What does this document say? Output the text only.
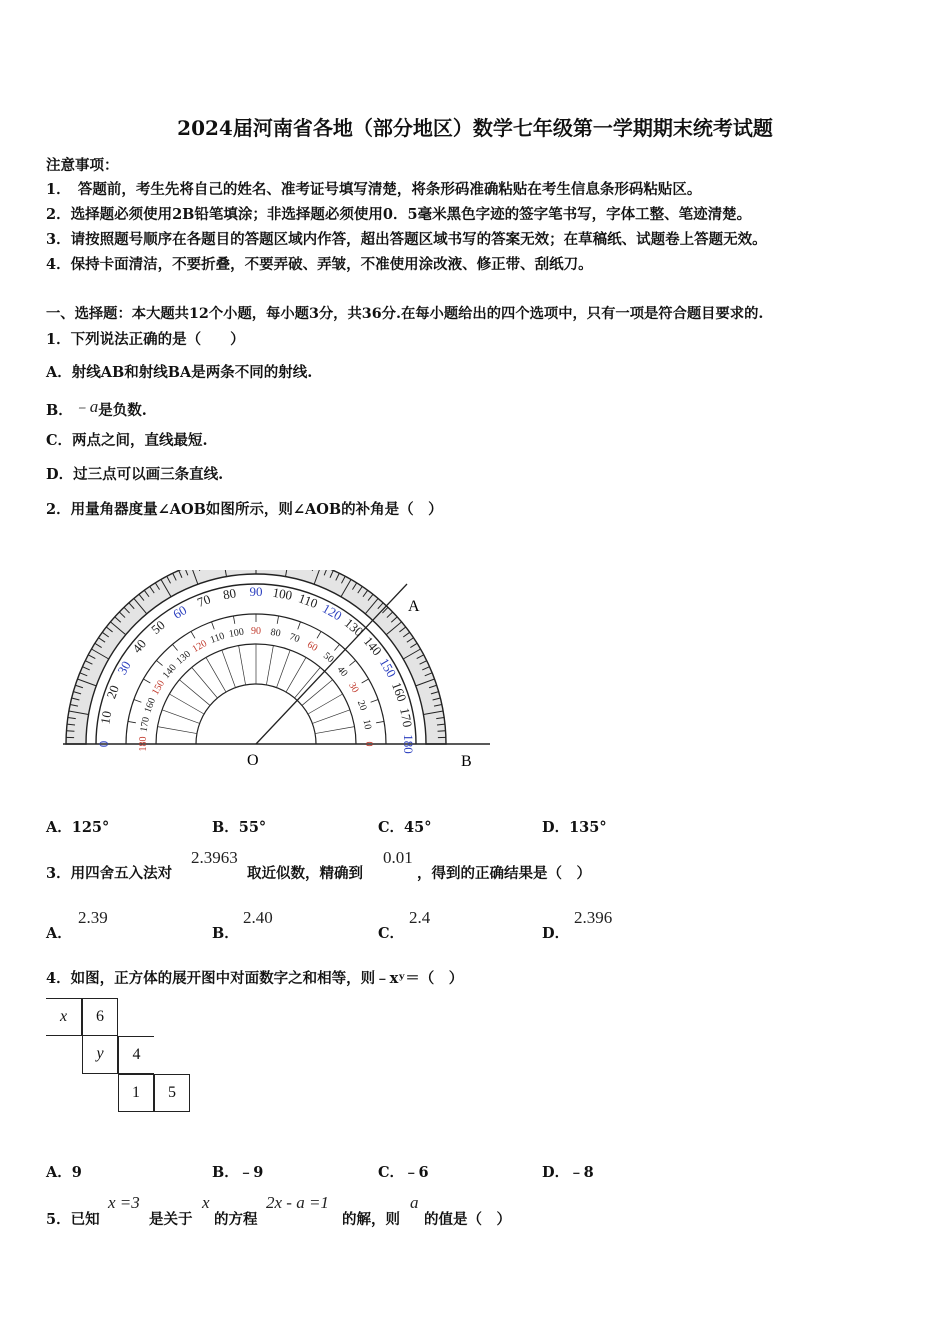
2024届河南省各地（部分地区）数学七年级第一学期期末统考试题
注意事项：
1．　答题前，考生先将自己的姓名、准考证号填写清楚，将条形码准确粘贴在考生信息条形码粘贴区。
2．选择题必须使用2B铅笔填涂；非选择题必须使用0．5毫米黑色字迹的签字笔书写，字体工整、笔迹清楚。
3．请按照题号顺序在各题目的答题区域内作答，超出答题区域书写的答案无效；在草稿纸、试题卷上答题无效。
4．保持卡面清洁，不要折叠，不要弄破、弄皱，不准使用涂改液、修正带、刮纸刀。
一、选择题：本大题共12个小题，每小题3分，共36分.在每小题给出的四个选项中，只有一项是符合题目要求的.
1．下列说法正确的是（　　）
A．射线AB和射线BA是两条不同的射线.
B．﹣a是负数.
C．两点之间，直线最短.
D．过三点可以画三条直线.
2．用量角器度量∠AOB如图所示，则∠AOB的补角是（　）
180
170
160
150
140
130
120
110
100
90
80
70
60
50
40
30
20
10
0	0
10
20
30
40
50
60
70
80
90
100
110
120
130
140
150
160
170
180
A
O	B
A．125°	B．55°	C．45°	D．135°
3．用四舍五入法对
2.3963
取近似数，精确到
0.01
，得到的正确结果是（　）
A．
2.39
B．
2.40
C．
2.4
D．
2.396
4．如图，正方体的展开图中对面数字之和相等，则﹣xʸ＝（　）
x	6
y	4
1	5
A．9	B．﹣9	C．﹣6	D．﹣8
5．已知
x =3
是关于
x
的方程
2x - a =1
的解，则
a
的值是（　）
